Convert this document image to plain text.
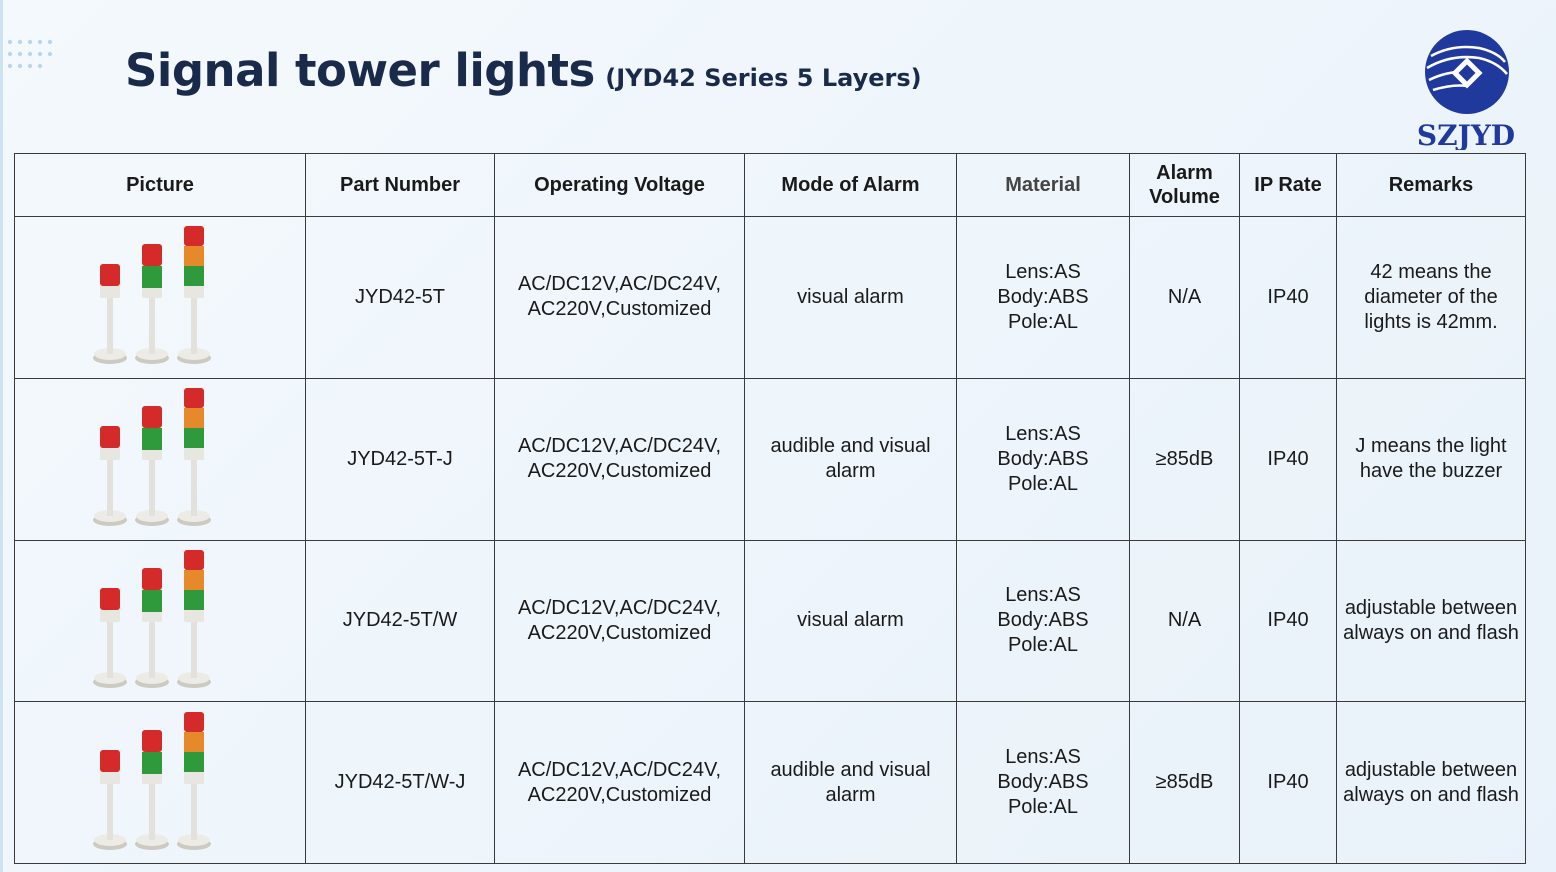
Signal tower lights (JYD42 Series 5 Layers)
SZJYD
Picture	Part Number	Operating Voltage	Mode of Alarm	Material	Alarm Volume	IP Rate	Remarks

	JYD42-5T	AC/DC12V,AC/DC24V,
AC220V,Customized	visual alarm	Lens:AS
Body:ABS
Pole:AL	N/A	IP40	42 means the
diameter of the
lights is 42mm.

	JYD42-5T-J	AC/DC12V,AC/DC24V,
AC220V,Customized	audible and visual
alarm	Lens:AS
Body:ABS
Pole:AL	≥85dB	IP40	J means the light
have the buzzer

	JYD42-5T/W	AC/DC12V,AC/DC24V,
AC220V,Customized	visual alarm	Lens:AS
Body:ABS
Pole:AL	N/A	IP40	adjustable between
always on and flash

	JYD42-5T/W-J	AC/DC12V,AC/DC24V,
AC220V,Customized	audible and visual
alarm	Lens:AS
Body:ABS
Pole:AL	≥85dB	IP40	adjustable between
always on and flash
